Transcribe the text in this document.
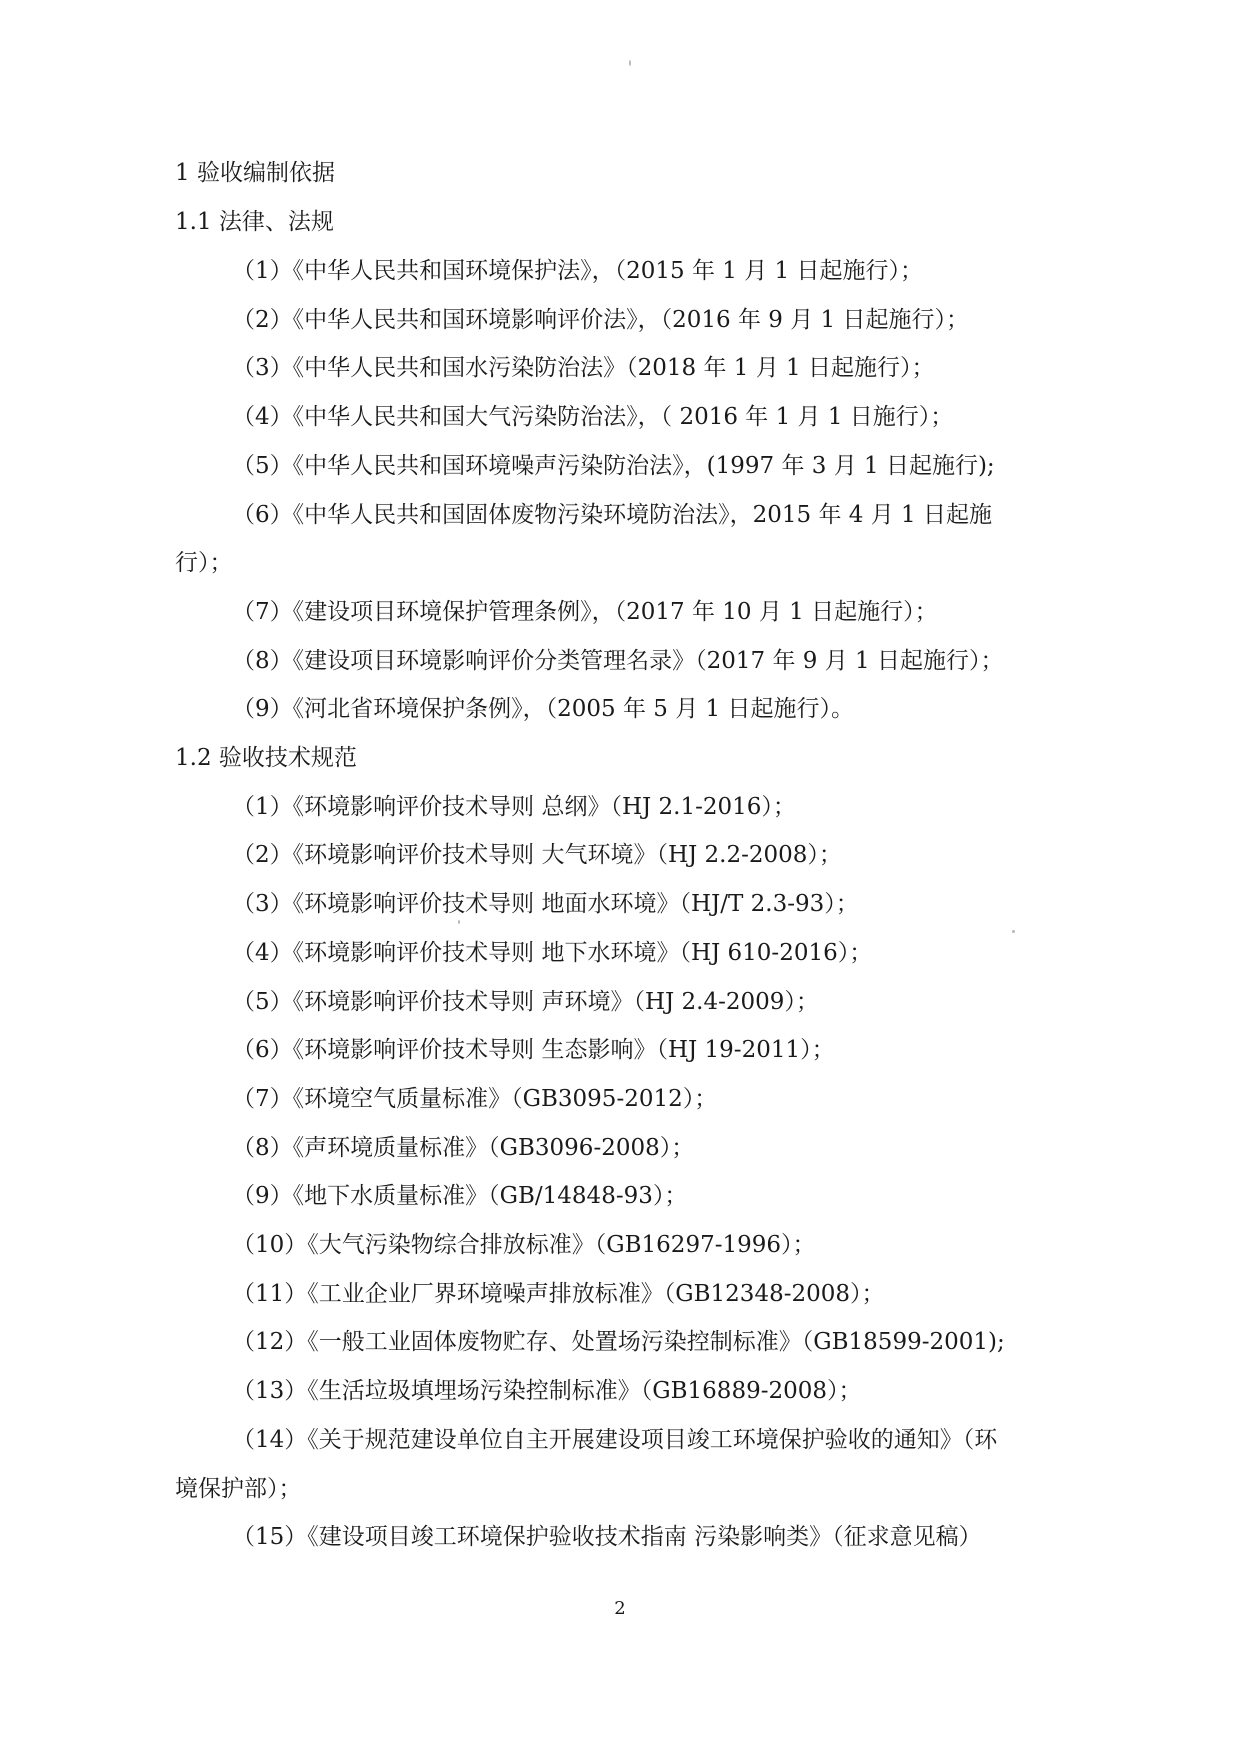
1 验收编制依据
1.1 法律、法规
（1）《中华人民共和国环境保护法》，（2015 年 1 月 1 日起施行）；
（2）《中华人民共和国环境影响评价法》，（2016 年 9 月 1 日起施行）；
（3）《中华人民共和国水污染防治法》（2018 年 1 月 1 日起施行）；
（4）《中华人民共和国大气污染防治法》，（ 2016 年 1 月 1 日施行）；
（5）《中华人民共和国环境噪声污染防治法》，(1997 年 3 月 1 日起施行);
（6）《中华人民共和国固体废物污染环境防治法》，2015 年 4 月 1 日起施
行）；
（7）《建设项目环境保护管理条例》，（2017 年 10 月 1 日起施行）；
（8）《建设项目环境影响评价分类管理名录》（2017 年 9 月 1 日起施行）；
（9）《河北省环境保护条例》，（2005 年 5 月 1 日起施行）。
1.2 验收技术规范
（1）《环境影响评价技术导则 总纲》（HJ 2.1-2016）；
（2）《环境影响评价技术导则 大气环境》（HJ 2.2-2008）；
（3）《环境影响评价技术导则 地面水环境》（HJ/T 2.3-93）；
（4）《环境影响评价技术导则 地下水环境》（HJ 610-2016）；
（5）《环境影响评价技术导则 声环境》（HJ 2.4-2009）；
（6）《环境影响评价技术导则 生态影响》（HJ 19-2011）；
（7）《环境空气质量标准》（GB3095-2012）；
（8）《声环境质量标准》（GB3096-2008）；
（9）《地下水质量标准》（GB/14848-93）；
（10）《大气污染物综合排放标准》（GB16297-1996）；
（11）《工业企业厂界环境噪声排放标准》（GB12348-2008）；
（12）《一般工业固体废物贮存、处置场污染控制标准》（GB18599-2001);
（13）《生活垃圾填埋场污染控制标准》（GB16889-2008）；
（14）《关于规范建设单位自主开展建设项目竣工环境保护验收的通知》（环
境保护部）；
（15）《建设项目竣工环境保护验收技术指南 污染影响类》（征求意见稿）
2
